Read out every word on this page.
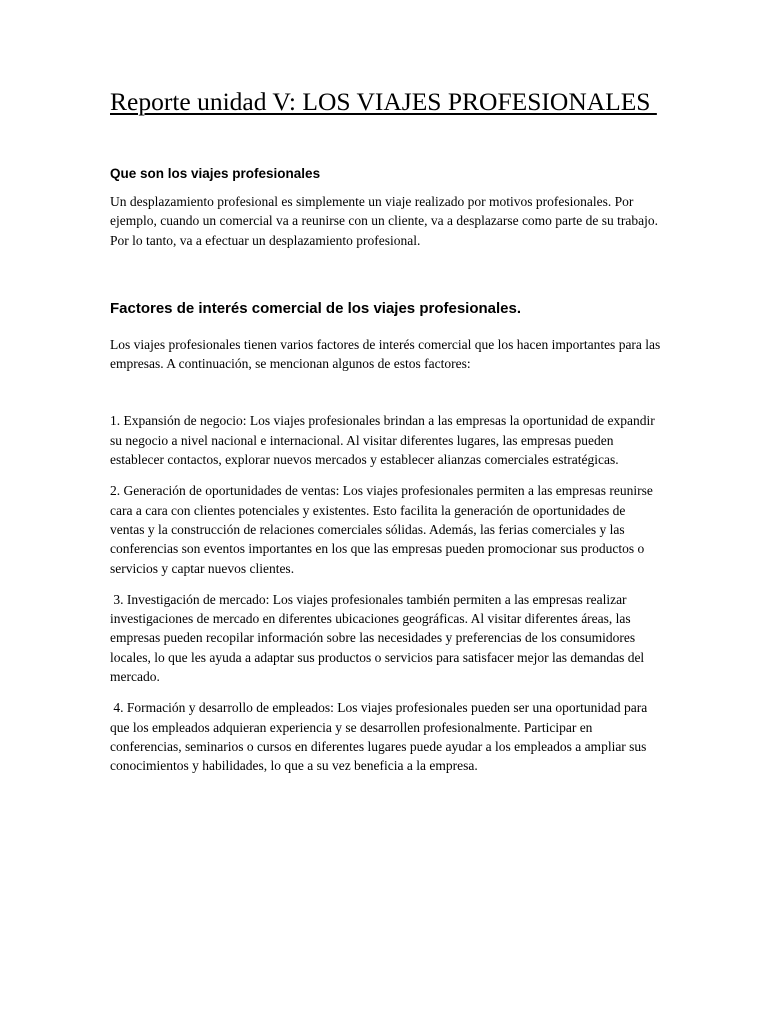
Reporte unidad V: LOS VIAJES PROFESIONALES
Que son los viajes profesionales

Un desplazamiento profesional es simplemente un viaje realizado por motivos profesionales. Por ejemplo, cuando un comercial va a reunirse con un cliente, va a desplazarse como parte de su trabajo. Por lo tanto, va a efectuar un desplazamiento profesional.

Factores de interés comercial de los viajes profesionales.

Los viajes profesionales tienen varios factores de interés comercial que los hacen importantes para las empresas. A continuación, se mencionan algunos de estos factores:

1. Expansión de negocio: Los viajes profesionales brindan a las empresas la oportunidad de expandir su negocio a nivel nacional e internacional. Al visitar diferentes lugares, las empresas pueden establecer contactos, explorar nuevos mercados y establecer alianzas comerciales estratégicas.

2. Generación de oportunidades de ventas: Los viajes profesionales permiten a las empresas reunirse cara a cara con clientes potenciales y existentes. Esto facilita la generación de oportunidades de ventas y la construcción de relaciones comerciales sólidas. Además, las ferias comerciales y las conferencias son eventos importantes en los que las empresas pueden promocionar sus productos o servicios y captar nuevos clientes.

3. Investigación de mercado: Los viajes profesionales también permiten a las empresas realizar investigaciones de mercado en diferentes ubicaciones geográficas. Al visitar diferentes áreas, las empresas pueden recopilar información sobre las necesidades y preferencias de los consumidores locales, lo que les ayuda a adaptar sus productos o servicios para satisfacer mejor las demandas del mercado.

4. Formación y desarrollo de empleados: Los viajes profesionales pueden ser una oportunidad para que los empleados adquieran experiencia y se desarrollen profesionalmente. Participar en conferencias, seminarios o cursos en diferentes lugares puede ayudar a los empleados a ampliar sus conocimientos y habilidades, lo que a su vez beneficia a la empresa.
